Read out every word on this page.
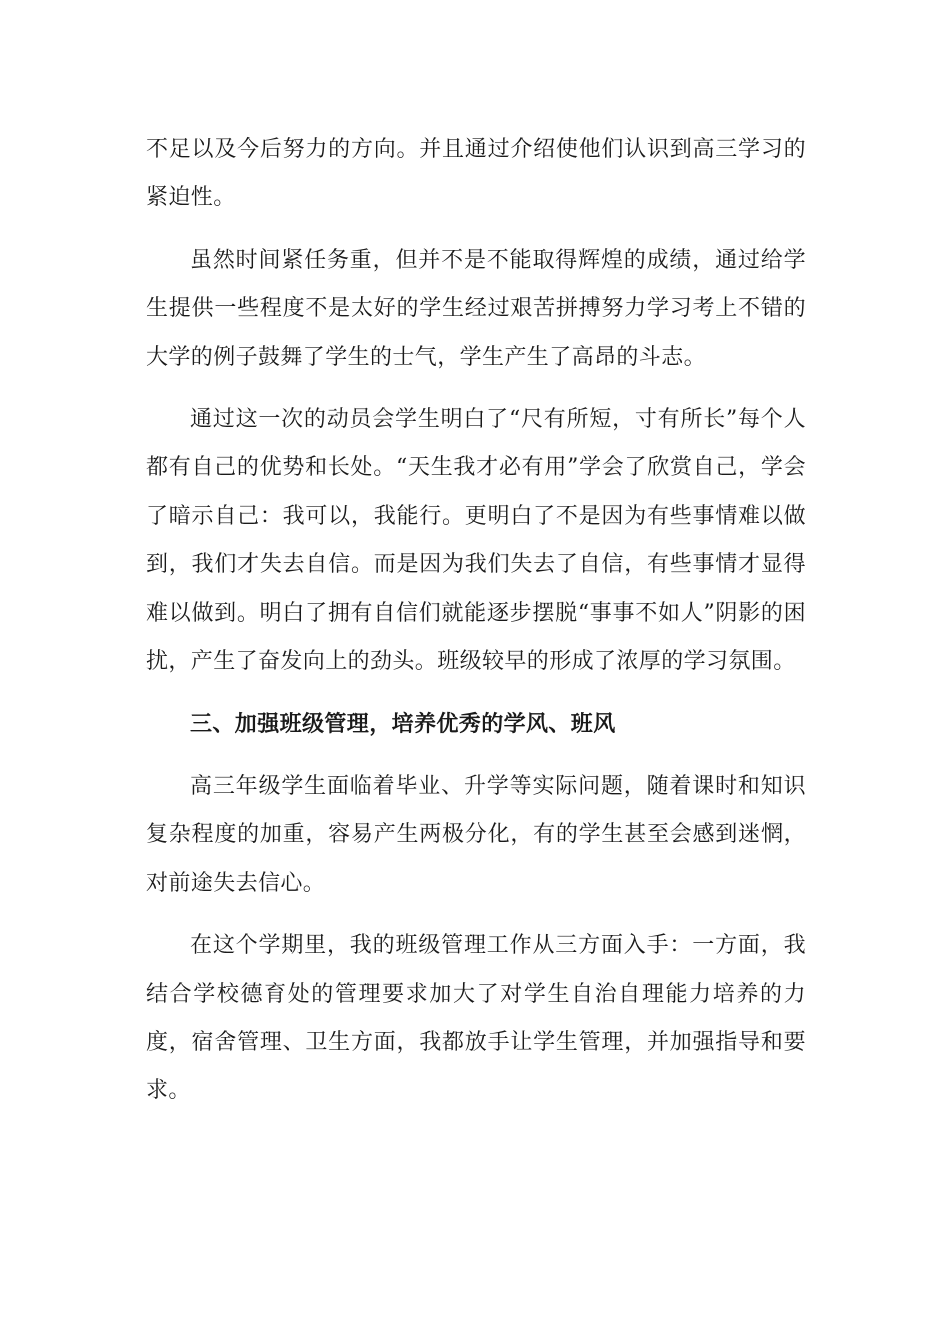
不足以及今后努力的方向。并且通过介绍使他们认识到高三学习的紧迫性。

虽然时间紧任务重，但并不是不能取得辉煌的成绩，通过给学生提供一些程度不是太好的学生经过艰苦拼搏努力学习考上不错的大学的例子鼓舞了学生的士气，学生产生了高昂的斗志。

通过这一次的动员会学生明白了“尺有所短，寸有所长”每个人都有自己的优势和长处。“天生我才必有用”学会了欣赏自己，学会了暗示自己：我可以，我能行。更明白了不是因为有些事情难以做到，我们才失去自信。而是因为我们失去了自信，有些事情才显得难以做到。明白了拥有自信们就能逐步摆脱“事事不如人”阴影的困扰，产生了奋发向上的劲头。班级较早的形成了浓厚的学习氛围。

三、加强班级管理，培养优秀的学风、班风

高三年级学生面临着毕业、升学等实际问题，随着课时和知识复杂程度的加重，容易产生两极分化，有的学生甚至会感到迷惘，对前途失去信心。

在这个学期里，我的班级管理工作从三方面入手：一方面，我结合学校德育处的管理要求加大了对学生自治自理能力培养的力度，宿舍管理、卫生方面，我都放手让学生管理，并加强指导和要求。
